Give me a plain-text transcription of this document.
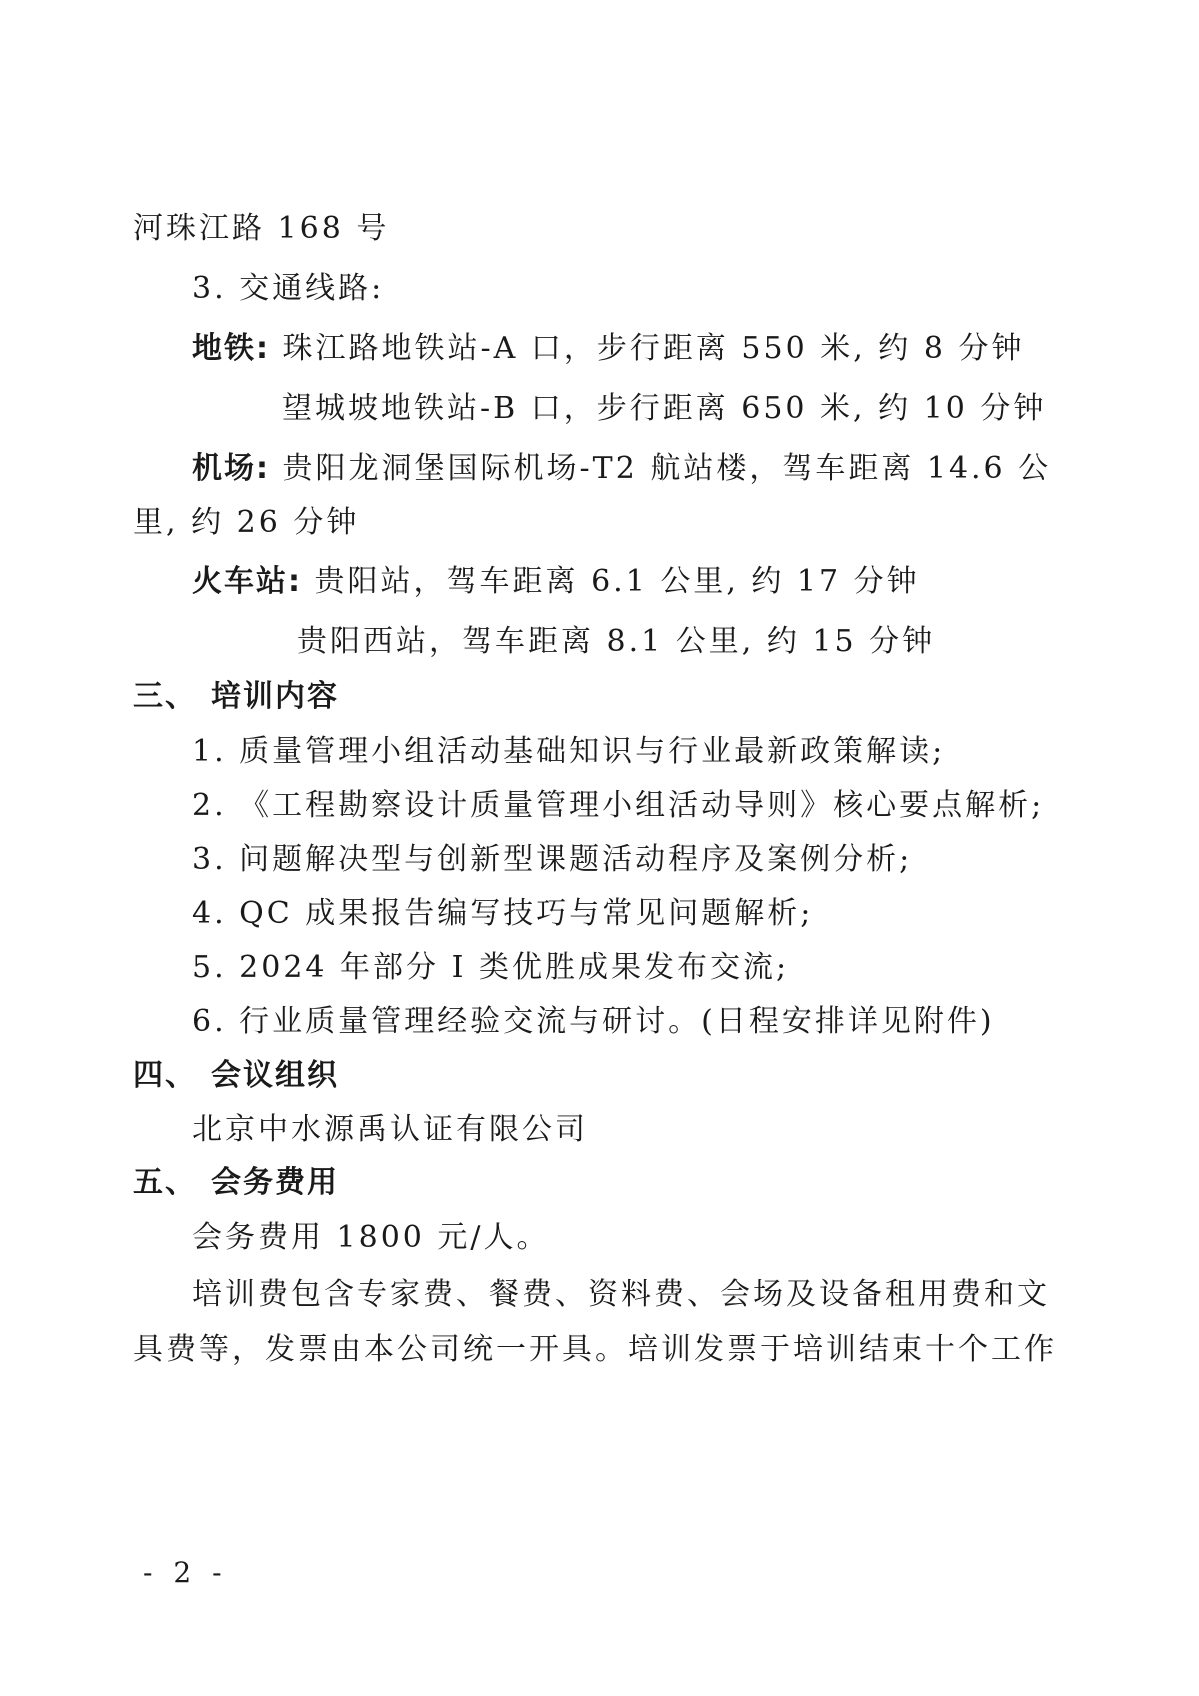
河珠江路 168 号
3. 交通线路:
地铁: 珠江路地铁站-A 口，步行距离 550 米, 约 8 分钟
望城坡地铁站-B 口，步行距离 650 米, 约 10 分钟
机场: 贵阳龙洞堡国际机场-T2 航站楼，驾车距离 14.6 公
里, 约 26 分钟
火车站: 贵阳站，驾车距离 6.1 公里, 约 17 分钟
贵阳西站，驾车距离 8.1 公里, 约 15 分钟
三、 培训内容
1. 质量管理小组活动基础知识与行业最新政策解读;
2. 《工程勘察设计质量管理小组活动导则》核心要点解析;
3. 问题解决型与创新型课题活动程序及案例分析;
4. QC 成果报告编写技巧与常见问题解析;
5. 2024 年部分 I 类优胜成果发布交流;
6. 行业质量管理经验交流与研讨。(日程安排详见附件)
四、 会议组织
北京中水源禹认证有限公司
五、 会务费用
会务费用 1800 元/人。
培训费包含专家费、餐费、资料费、会场及设备租用费和文
具费等，发票由本公司统一开具。培训发票于培训结束十个工作
- 2 -
